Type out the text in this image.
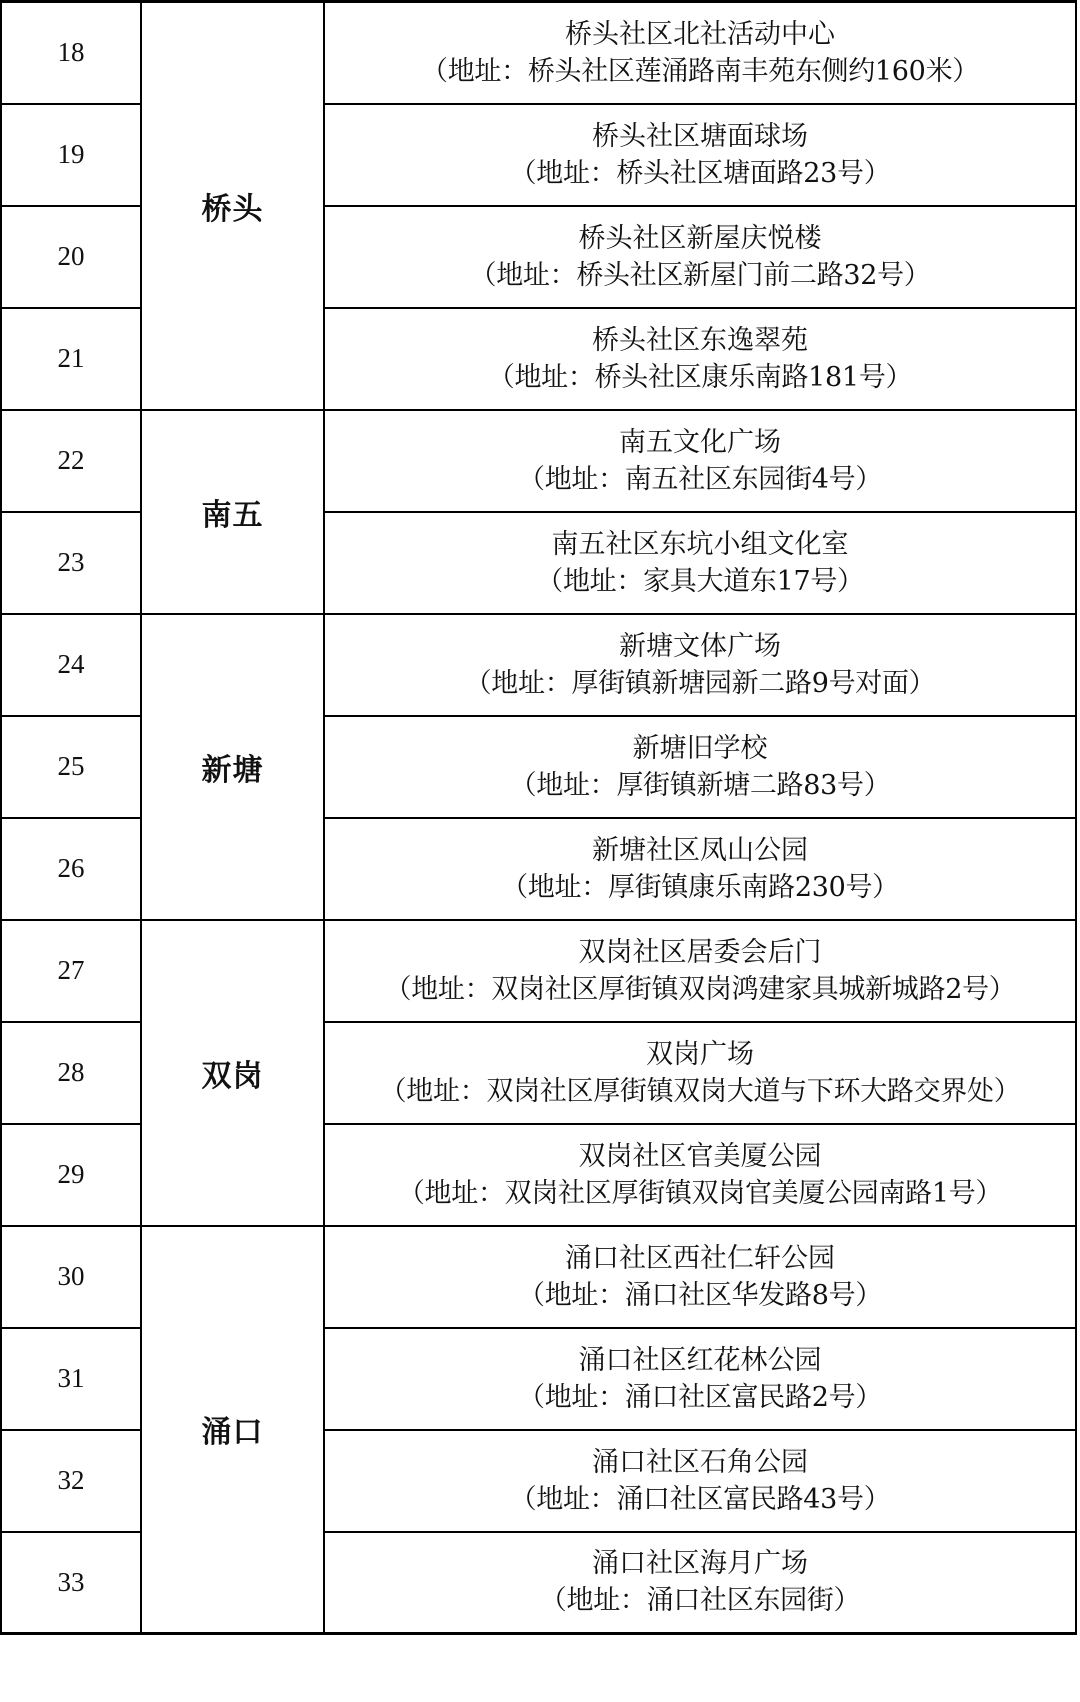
18	桥头	桥头社区北社活动中心
（地址：桥头社区莲涌路南丰苑东侧约160米）

19		桥头社区塘面球场
（地址：桥头社区塘面路23号）

20		桥头社区新屋庆悦楼
（地址：桥头社区新屋门前二路32号）

21		桥头社区东逸翠苑
（地址：桥头社区康乐南路181号）

22	南五	南五文化广场
（地址：南五社区东园街4号）

23		南五社区东坑小组文化室
（地址：家具大道东17号）

24	新塘	新塘文体广场
（地址：厚街镇新塘园新二路9号对面）

25		新塘旧学校
（地址：厚街镇新塘二路83号）

26		新塘社区凤山公园
（地址：厚街镇康乐南路230号）

27	双岗	双岗社区居委会后门
（地址：双岗社区厚街镇双岗鸿建家具城新城路2号）

28		双岗广场
（地址：双岗社区厚街镇双岗大道与下环大路交界处）

29		双岗社区官美厦公园
（地址：双岗社区厚街镇双岗官美厦公园南路1号）

30	涌口	涌口社区西社仁轩公园
（地址：涌口社区华发路8号）

31		涌口社区红花林公园
（地址：涌口社区富民路2号）

32		涌口社区石角公园
（地址：涌口社区富民路43号）

33		涌口社区海月广场
（地址：涌口社区东园街）
